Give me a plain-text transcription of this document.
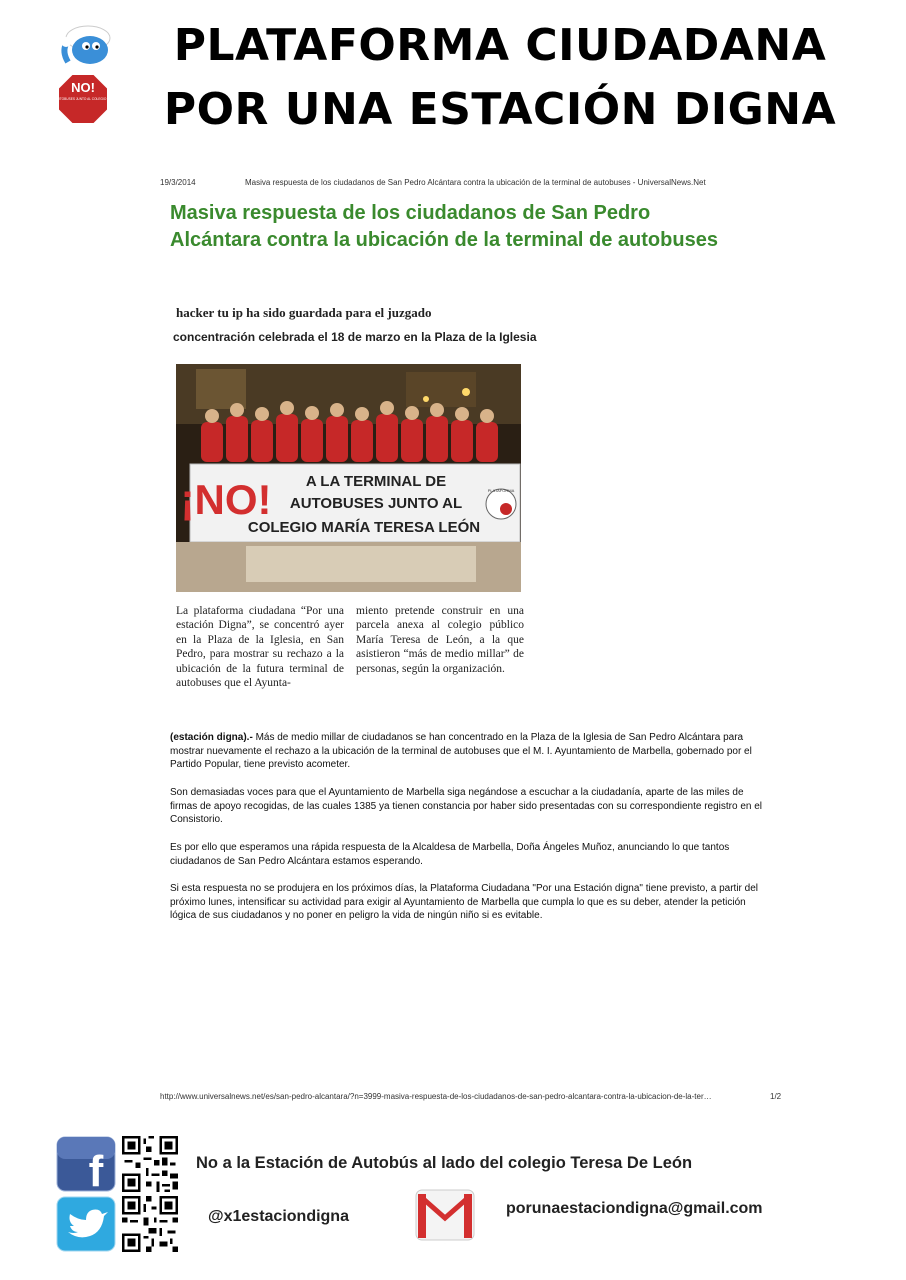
NO!
A LA TERMINAL DE AUTOBUSES JUNTO AL COLEGIO MARÍA TERESA LEÓN
PLATAFORMA CIUDADANA
POR UNA ESTACIÓN DIGNA
19/3/2014	Masiva respuesta de los ciudadanos de San Pedro Alcántara contra la ubicación de la terminal de autobuses - UniversalNews.Net
Masiva respuesta de los ciudadanos de San Pedro Alcántara contra la ubicación de la terminal de autobuses
hacker tu ip ha sido guardada para el juzgado
concentración celebrada el 18 de marzo en la Plaza de la Iglesia
¡NO! A LA TERMINAL DE
AUTOBUSES JUNTO AL
COLEGIO MARÍA TERESA LEÓN
PLATAFORMA
La plataforma ciudadana “Por una estación Digna”, se concentró ayer en la Plaza de la Iglesia, en San Pedro, para mostrar su rechazo a la ubicación de la futura terminal de autobuses que el Ayunta-
miento pretende construir en una parcela anexa al colegio público María Teresa de León, a la que asistieron “más de medio millar” de personas, según la organización.
(estación digna).- Más de medio millar de ciudadanos se han concentrado en la Plaza de la Iglesia de San Pedro Alcántara para mostrar nuevamente el rechazo a la ubicación de la terminal de autobuses que el M. I. Ayuntamiento de Marbella, gobernado por el Partido Popular, tiene previsto acometer.
Son demasiadas voces para que el Ayuntamiento de Marbella siga negándose a escuchar a la ciudadanía, aparte de las miles de firmas de apoyo recogidas, de las cuales 1385 ya tienen constancia por haber sido presentadas con su correspondiente registro en el Consistorio.
Es por ello que esperamos una rápida respuesta de la Alcaldesa de Marbella, Doña Ángeles Muñoz, anunciando lo que tantos ciudadanos de San Pedro Alcántara estamos esperando.
Si esta respuesta no se produjera en los próximos días, la Plataforma Ciudadana "Por una Estación digna" tiene previsto, a partir del próximo lunes, intensificar su actividad para exigir al Ayuntamiento de Marbella que cumpla lo que es su deber, atender la petición lógica de sus ciudadanos y no poner en peligro la vida de ningún niño si es evitable.
http://www.universalnews.net/es/san-pedro-alcantara/?n=3999-masiva-respuesta-de-los-ciudadanos-de-san-pedro-alcantara-contra-la-ubicacion-de-la-ter…	1/2
f	No a la Estación de Autobús al lado del colegio Teresa De León
@x1estaciondigna
M
porunaestaciondigna@gmail.com
